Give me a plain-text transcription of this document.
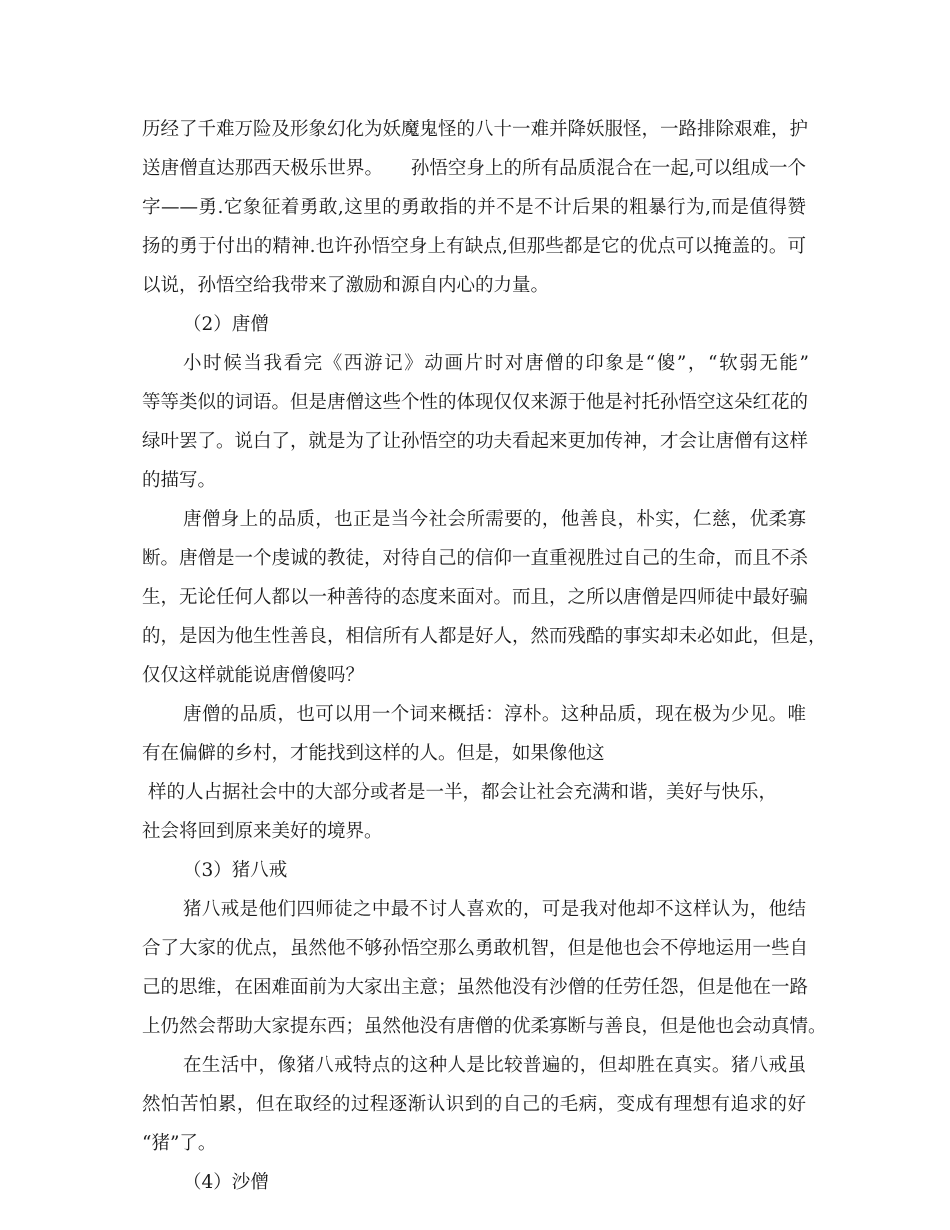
历经了千难万险及形象幻化为妖魔鬼怪的八十一难并降妖服怪，一路排除艰难，护
送唐僧直达那西天极乐世界。　　孙悟空身上的所有品质混合在一起,可以组成一个
字——勇.它象征着勇敢,这里的勇敢指的并不是不计后果的粗暴行为,而是值得赞
扬的勇于付出的精神.也许孙悟空身上有缺点,但那些都是它的优点可以掩盖的。可
以说，孙悟空给我带来了激励和源自内心的力量。
（2）唐僧
小时候当我看完《西游记》动画片时对唐僧的印象是“傻”，“软弱无能”
等等类似的词语。但是唐僧这些个性的体现仅仅来源于他是衬托孙悟空这朵红花的
绿叶罢了。说白了，就是为了让孙悟空的功夫看起来更加传神，才会让唐僧有这样
的描写。
唐僧身上的品质，也正是当今社会所需要的，他善良，朴实，仁慈，优柔寡
断。唐僧是一个虔诚的教徒，对待自己的信仰一直重视胜过自己的生命，而且不杀
生，无论任何人都以一种善待的态度来面对。而且，之所以唐僧是四师徒中最好骗
的，是因为他生性善良，相信所有人都是好人，然而残酷的事实却未必如此，但是，
仅仅这样就能说唐僧傻吗？
唐僧的品质，也可以用一个词来概括：淳朴。这种品质，现在极为少见。唯
有在偏僻的乡村，才能找到这样的人。但是，如果像他这
样的人占据社会中的大部分或者是一半，都会让社会充满和谐，美好与快乐，
社会将回到原来美好的境界。
（3）猪八戒
猪八戒是他们四师徒之中最不讨人喜欢的，可是我对他却不这样认为，他结
合了大家的优点，虽然他不够孙悟空那么勇敢机智，但是他也会不停地运用一些自
己的思维，在困难面前为大家出主意；虽然他没有沙僧的任劳任怨，但是他在一路
上仍然会帮助大家提东西；虽然他没有唐僧的优柔寡断与善良，但是他也会动真情。
在生活中，像猪八戒特点的这种人是比较普遍的，但却胜在真实。猪八戒虽
然怕苦怕累，但在取经的过程逐渐认识到的自己的毛病，变成有理想有追求的好
“猪”了。
（4）沙僧
